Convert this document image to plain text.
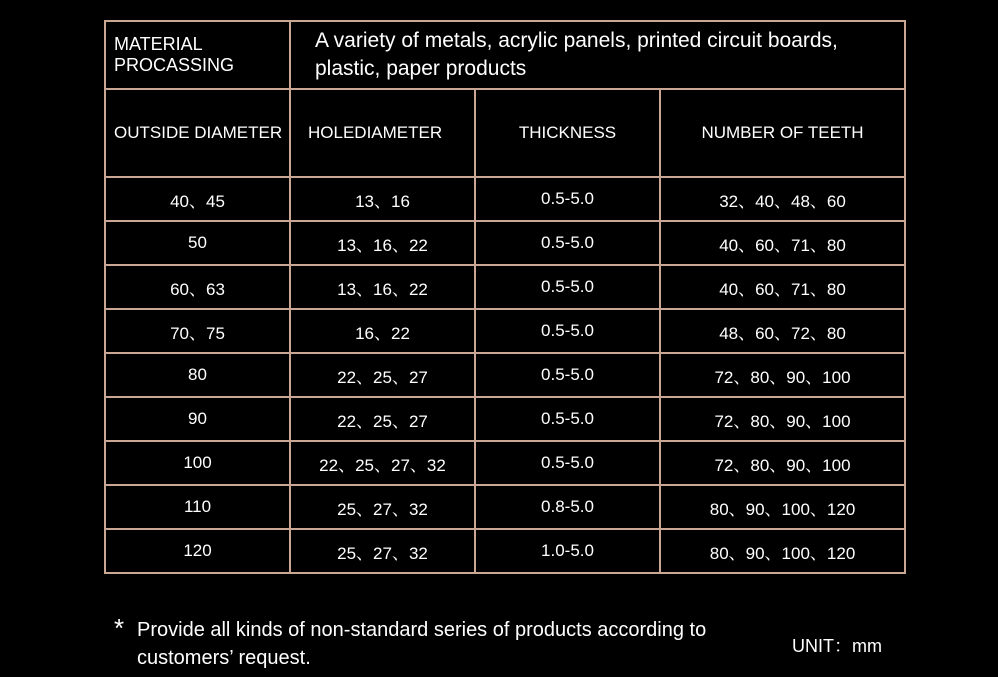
MATERIAL PROCASSING	A variety of metals, acrylic panels, printed circuit boards, plastic, paper products		
OUTSIDE DIAMETER	HOLEDIAMETER	THICKNESS	NUMBER OF TEETH
40、45	13、16	0.5-5.0	32、40、48、60
50	13、16、22	0.5-5.0	40、60、71、80
60、63	13、16、22	0.5-5.0	40、60、71、80
70、75	16、22	0.5-5.0	48、60、72、80
80	22、25、27	0.5-5.0	72、80、90、100
90	22、25、27	0.5-5.0	72、80、90、100
100	22、25、27、32	0.5-5.0	72、80、90、100
110	25、27、32	0.8-5.0	80、90、100、120
120	25、27、32	1.0-5.0	80、90、100、120
* Provide all kinds of non-standard series of products according to customers’ request.
UNIT：mm
